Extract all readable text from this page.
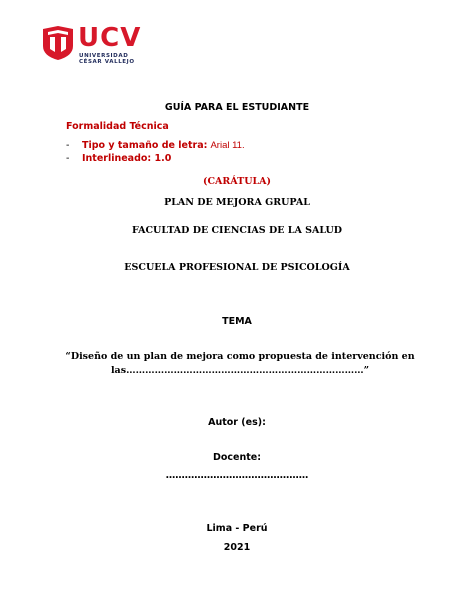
UCV
UNIVERSIDAD
CÉSAR VALLEJO
GUÍA PARA EL ESTUDIANTE
Formalidad Técnica
- Tipo y tamaño de letra: Arial 11.
- Interlineado: 1.0
(CARÁTULA)
PLAN DE MEJORA GRUPAL
FACULTAD DE CIENCIAS DE LA SALUD
ESCUELA PROFESIONAL DE PSICOLOGÍA
TEMA
“Diseño de un plan de mejora como propuesta de intervención en
las…………………………………………………………………”
Autor (es):
Docente:
………………………………………
Lima - Perú
2021
